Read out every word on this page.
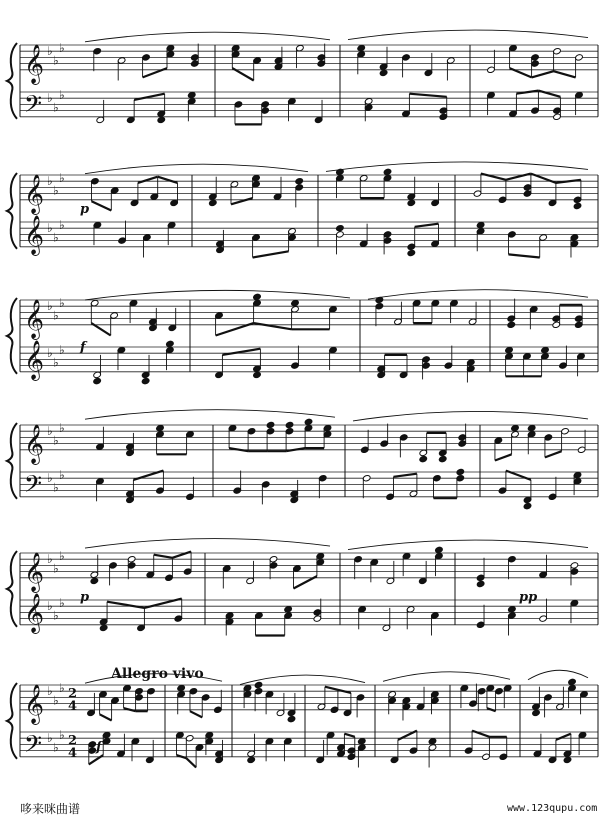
𝄞
𝄢
♭
♭
♭
♭
♭
♭
𝄞
𝄞
♭
♭
♭
♭
♭
♭
𝄞
𝄞
♭
♭
♭
♭
♭
♭
𝄞
𝄢
♭
♭
♭
♭
♭
♭
𝄞
𝄞
♭
♭
♭
♭
♭
♭
𝄞
𝄢
♭
♭
♭
♭
♭
♭
2
4
2
4
p
f
p	pp
Allegro vivo
f
哆来咪曲谱	www.123qupu.com
